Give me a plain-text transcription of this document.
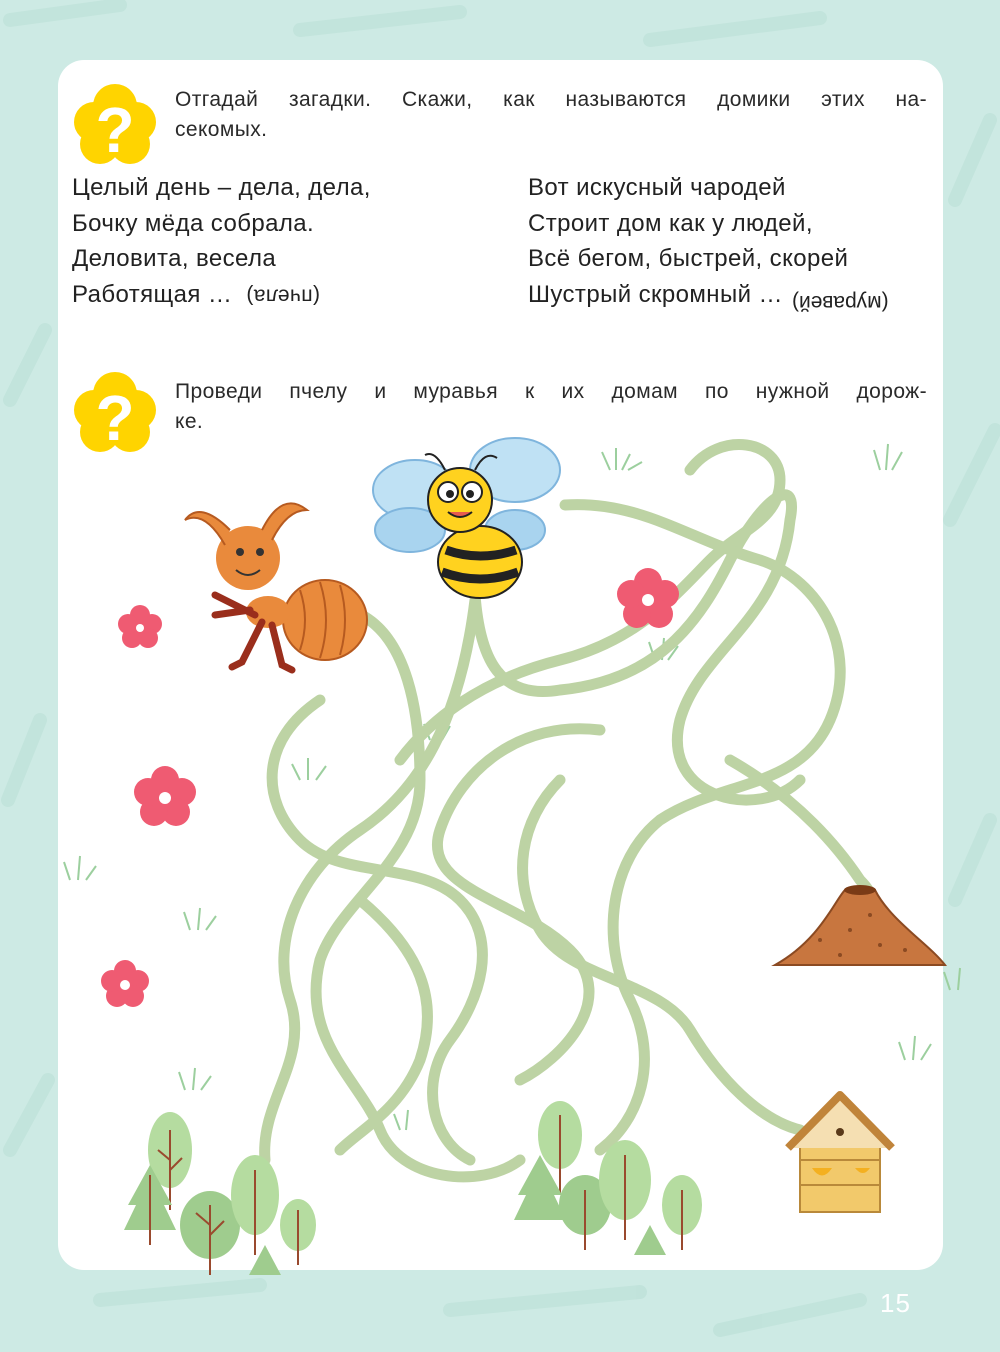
? Отгадай загадки. Скажи, как называются домики этих на-
секомых.
Целый день – дела, дела,
Бочку мёда собрала.
Деловита, весела
Работящая … (пчела)
Вот искусный чародей
Строит дом как у людей,
Всё бегом, быстрей, скорей
Шустрый скромный … (муравей)
? Проведи пчелу и муравья к их домам по нужной дорож-
ке.
15
